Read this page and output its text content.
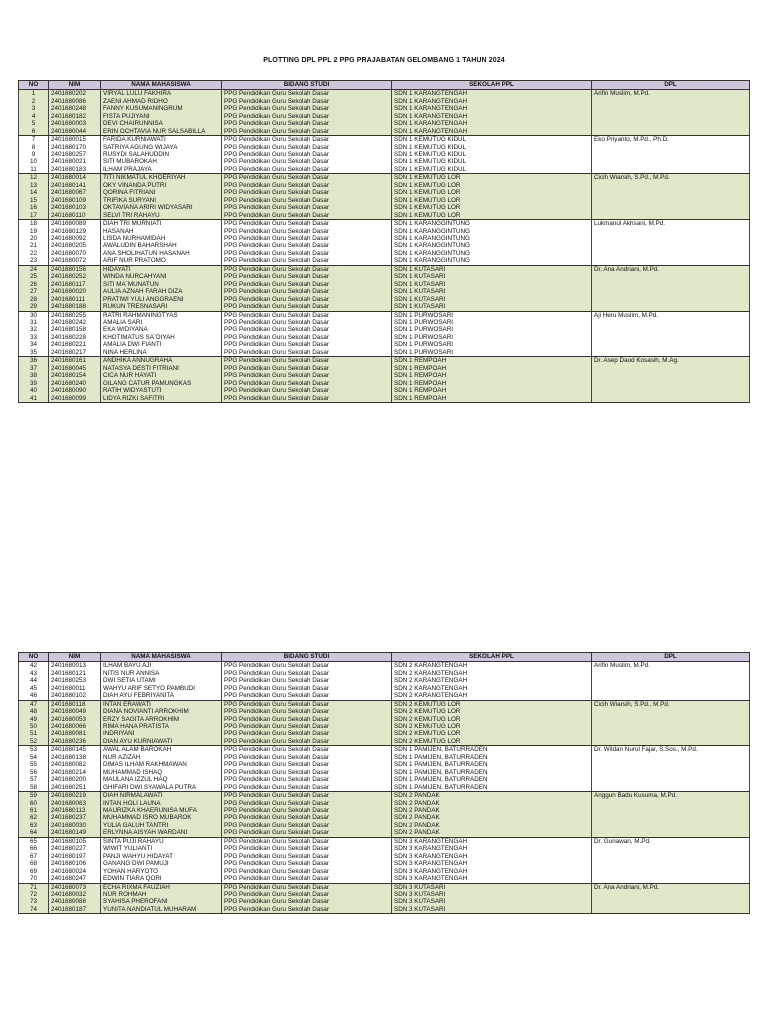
PLOTTING DPL PPL 2 PPG PRAJABATAN GELOMBANG 1 TAHUN 2024
NO	NIM	NAMA MAHASISWA	BIDANG STUDI	SEKOLAH PPL	DPL
1	2401680202	VIRYAL LULU FAKHIRA	PPG Pendidikan Guru Sekolah Dasar	SDN 1 KARANGTENGAH	Arifin Muslim, M.Pd.
2	2401680086	ZAENI AHMAD RIDHO	PPG Pendidikan Guru Sekolah Dasar	SDN 1 KARANGTENGAH	
3	2401680248	FANNY KUSUMANINGRUM	PPG Pendidikan Guru Sekolah Dasar	SDN 1 KARANGTENGAH	
4	2401680182	FISTA PUJIYANI	PPG Pendidikan Guru Sekolah Dasar	SDN 1 KARANGTENGAH	
5	2401680003	DEVI CHAIRUNNISA	PPG Pendidikan Guru Sekolah Dasar	SDN 1 KARANGTENGAH	
6	2401680044	ERIN OCHTAVIA NUR SALSABILLA	PPG Pendidikan Guru Sekolah Dasar	SDN 1 KARANGTENGAH	
7	2401680015	FARIDA KURNIAWATI	PPG Pendidikan Guru Sekolah Dasar	SDN 1 KEMUTUG KIDUL	Eko Priyanto, M.Pd., Ph.D.
8	2401680170	SATRIYA AGUNG WIJAYA	PPG Pendidikan Guru Sekolah Dasar	SDN 1 KEMUTUG KIDUL	
9	2401680257	RUSYDI SALAHUDDIN	PPG Pendidikan Guru Sekolah Dasar	SDN 1 KEMUTUG KIDUL	
10	2401680021	SITI MUBAROKAH	PPG Pendidikan Guru Sekolah Dasar	SDN 1 KEMUTUG KIDUL	
11	2401680183	ILHAM PRAJAYA	PPG Pendidikan Guru Sekolah Dasar	SDN 1 KEMUTUG KIDUL	
12	2401680014	TITI NIKMATUL KHOERIYAH	PPG Pendidikan Guru Sekolah Dasar	SDN 1 KEMUTUG LOR	Cicih Wiarsih, S.Pd., M.Pd.
13	2401680141	OKY VINANDA PUTRI	PPG Pendidikan Guru Sekolah Dasar	SDN 1 KEMUTUG LOR	
14	2401680067	QORINA FITRIANI	PPG Pendidikan Guru Sekolah Dasar	SDN 1 KEMUTUG LOR	
15	2401680109	TRIFIKA SURYANI	PPG Pendidikan Guru Sekolah Dasar	SDN 1 KEMUTUG LOR	
16	2401680103	OKTAVIANA ARIRI WIDYASARI	PPG Pendidikan Guru Sekolah Dasar	SDN 1 KEMUTUG LOR	
17	2401680110	SELVI TRI RAHAYU	PPG Pendidikan Guru Sekolah Dasar	SDN 1 KEMUTUG LOR	
18	2401680089	DIAH TRI MURNIATI	PPG Pendidikan Guru Sekolah Dasar	SDN 1 KARANGGINTUNG	Lukmanul Akhsani, M.Pd.
19	2401680129	HASANAH	PPG Pendidikan Guru Sekolah Dasar	SDN 1 KARANGGINTUNG	
20	2401680092	LISDA NURHAMIDAH	PPG Pendidikan Guru Sekolah Dasar	SDN 1 KARANGGINTUNG	
21	2401680205	AWALUDIN BAHARSHAH	PPG Pendidikan Guru Sekolah Dasar	SDN 1 KARANGGINTUNG	
22	2401680070	ANA SHOLIHATUN HASANAH	PPG Pendidikan Guru Sekolah Dasar	SDN 1 KARANGGINTUNG	
23	2401680072	ARIF NUR PRATOMO	PPG Pendidikan Guru Sekolah Dasar	SDN 1 KARANGGINTUNG	
24	2401680156	HIDAYATI	PPG Pendidikan Guru Sekolah Dasar	SDN 1 KUTASARI	Dr. Ana Andriani, M.Pd.
25	2401680252	WINDA NURCAHYANI	PPG Pendidikan Guru Sekolah Dasar	SDN 1 KUTASARI	
26	2401680117	SITI MA`MUNATUN	PPG Pendidikan Guru Sekolah Dasar	SDN 1 KUTASARI	
27	2401680020	AULIA AZNAH FARAH DIZA	PPG Pendidikan Guru Sekolah Dasar	SDN 1 KUTASARI	
28	2401680111	PRATIWI YULI ANGGRAENI	PPG Pendidikan Guru Sekolah Dasar	SDN 1 KUTASARI	
29	2401680188	RUKUN TRESNASARI	PPG Pendidikan Guru Sekolah Dasar	SDN 1 KUTASARI	
30	2401680255	RATRI RAHMANINGTYAS	PPG Pendidikan Guru Sekolah Dasar	SDN 1 PURWOSARI	Aji Heru Muslim, M.Pd.
31	2401680242	AMALIA SARI	PPG Pendidikan Guru Sekolah Dasar	SDN 1 PURWOSARI	
32	2401680158	EKA WIDIYANA	PPG Pendidikan Guru Sekolah Dasar	SDN 1 PURWOSARI	
33	2401680228	KHOTIMATUS SA`DIYAH	PPG Pendidikan Guru Sekolah Dasar	SDN 1 PURWOSARI	
34	2401680221	AMALIA DWI FIANTI	PPG Pendidikan Guru Sekolah Dasar	SDN 1 PURWOSARI	
35	2401680217	NINA HERLINA	PPG Pendidikan Guru Sekolah Dasar	SDN 1 PURWOSARI	
36	2401680161	ANDHIKA ANNUGRAHA	PPG Pendidikan Guru Sekolah Dasar	SDN 1 REMPOAH	Dr. Asep Daud Kosasih, M.Ag.
37	2401680045	NATASYA DESTI FITRIANI	PPG Pendidikan Guru Sekolah Dasar	SDN 1 REMPOAH	
38	2401680154	CICA NUR HAYATI	PPG Pendidikan Guru Sekolah Dasar	SDN 1 REMPOAH	
39	2401680240	GILANG CATUR PAMUNGKAS	PPG Pendidikan Guru Sekolah Dasar	SDN 1 REMPOAH	
40	2401680090	RATIH WIDYASTUTI	PPG Pendidikan Guru Sekolah Dasar	SDN 1 REMPOAH	
41	2401680099	LIDYA RIZKI SAFITRI	PPG Pendidikan Guru Sekolah Dasar	SDN 1 REMPOAH	
NO	NIM	NAMA MAHASISWA	BIDANG STUDI	SEKOLAH PPL	DPL
42	2401680013	ILHAM BAYU AJI	PPG Pendidikan Guru Sekolah Dasar	SDN 2 KARANGTENGAH	Arifin Muslim, M.Pd.
43	2401680121	NITIS NUR ANNISA	PPG Pendidikan Guru Sekolah Dasar	SDN 2 KARANGTENGAH	
44	2401680253	DWI SETIA UTAMI	PPG Pendidikan Guru Sekolah Dasar	SDN 2 KARANGTENGAH	
45	2401680011	WAHYU ARIF SETYO PAMBUDI	PPG Pendidikan Guru Sekolah Dasar	SDN 2 KARANGTENGAH	
46	2401680102	DIAH AYU FEBRIYANITA	PPG Pendidikan Guru Sekolah Dasar	SDN 2 KARANGTENGAH	
47	2401680118	INTAN ERAWATI	PPG Pendidikan Guru Sekolah Dasar	SDN 2 KEMUTUG LOR	Cicih Wiarsih, S.Pd., M.Pd.
48	2401680049	DIANA NOVIANTI ARROKHIM	PPG Pendidikan Guru Sekolah Dasar	SDN 2 KEMUTUG LOR	
49	2401680053	ERZY SAGITA ARROKHIM	PPG Pendidikan Guru Sekolah Dasar	SDN 2 KEMUTUG LOR	
50	2401680066	RIMA HANA PRATISTA	PPG Pendidikan Guru Sekolah Dasar	SDN 2 KEMUTUG LOR	
51	2401680081	INDRIYANI	PPG Pendidikan Guru Sekolah Dasar	SDN 2 KEMUTUG LOR	
52	2401680236	DIAN AYU KURNIAWATI	PPG Pendidikan Guru Sekolah Dasar	SDN 2 KEMUTUG LOR	
53	2401680145	AWAL ALAM BAROKAH	PPG Pendidikan Guru Sekolah Dasar	SDN 1 PAMIJEN, BATURRADEN	Dr. Wildan Nurul Fajar, S.Sos., M.Pd.
54	2401680138	NUR AZIZAH	PPG Pendidikan Guru Sekolah Dasar	SDN 1 PAMIJEN, BATURRADEN	
55	2401680082	DIMAS ILHAM RAKHMAWAN	PPG Pendidikan Guru Sekolah Dasar	SDN 1 PAMIJEN, BATURRADEN	
56	2401680214	MUHAMMAD ISHAQ	PPG Pendidikan Guru Sekolah Dasar	SDN 1 PAMIJEN, BATURRADEN	
57	2401680200	MAULANA IZZUL HAQ	PPG Pendidikan Guru Sekolah Dasar	SDN 1 PAMIJEN, BATURRADEN	
58	2401680251	GHIFARI DWI SYAWALA PUTRA	PPG Pendidikan Guru Sekolah Dasar	SDN 1 PAMIJEN, BATURRADEN	
59	2401680219	DIAH NIRMALAWATI	PPG Pendidikan Guru Sekolah Dasar	SDN 2 PANDAK	Anggun Badu Kusuma, M.Pd.
60	2401680063	INTAN HOLI LAUNA	PPG Pendidikan Guru Sekolah Dasar	SDN 2 PANDAK	
61	2401680113	MAURIZKA KHAERUNISA MUFA	PPG Pendidikan Guru Sekolah Dasar	SDN 2 PANDAK	
62	2401680237	MUHAMMAD ISRO MUBAROK	PPG Pendidikan Guru Sekolah Dasar	SDN 2 PANDAK	
63	2401680030	YULIA GALUH TANTRI	PPG Pendidikan Guru Sekolah Dasar	SDN 2 PANDAK	
64	2401680149	ERLYNNA AISYAH WARDANI	PPG Pendidikan Guru Sekolah Dasar	SDN 2 PANDAK	
65	2401680105	SINTA PUJI RAHAYU	PPG Pendidikan Guru Sekolah Dasar	SDN 3 KARANGTENGAH	Dr. Gunawan, M.Pd.
66	2401680227	WIWIT YULIANTI	PPG Pendidikan Guru Sekolah Dasar	SDN 3 KARANGTENGAH	
67	2401680197	PANJI WAHYU HIDAYAT	PPG Pendidikan Guru Sekolah Dasar	SDN 3 KARANGTENGAH	
68	2401680106	GANANG DWI PAMUJI	PPG Pendidikan Guru Sekolah Dasar	SDN 3 KARANGTENGAH	
69	2401680024	YOHAN HARYOTO	PPG Pendidikan Guru Sekolah Dasar	SDN 3 KARANGTENGAH	
70	2401680247	EDWIN TIARA QORI	PPG Pendidikan Guru Sekolah Dasar	SDN 3 KARANGTENGAH	
71	2401680073	ECHA RIXMA FAUZIAH	PPG Pendidikan Guru Sekolah Dasar	SDN 3 KUTASARI	Dr. Ana Andriani, M.Pd.
72	2401680032	NUR ROHMAH	PPG Pendidikan Guru Sekolah Dasar	SDN 3 KUTASARI	
73	2401680088	SYAHISA PHEROFANI	PPG Pendidikan Guru Sekolah Dasar	SDN 3 KUTASARI	
74	2401680187	YUNITA NANDIATUL MUHARAM	PPG Pendidikan Guru Sekolah Dasar	SDN 3 KUTASARI	
